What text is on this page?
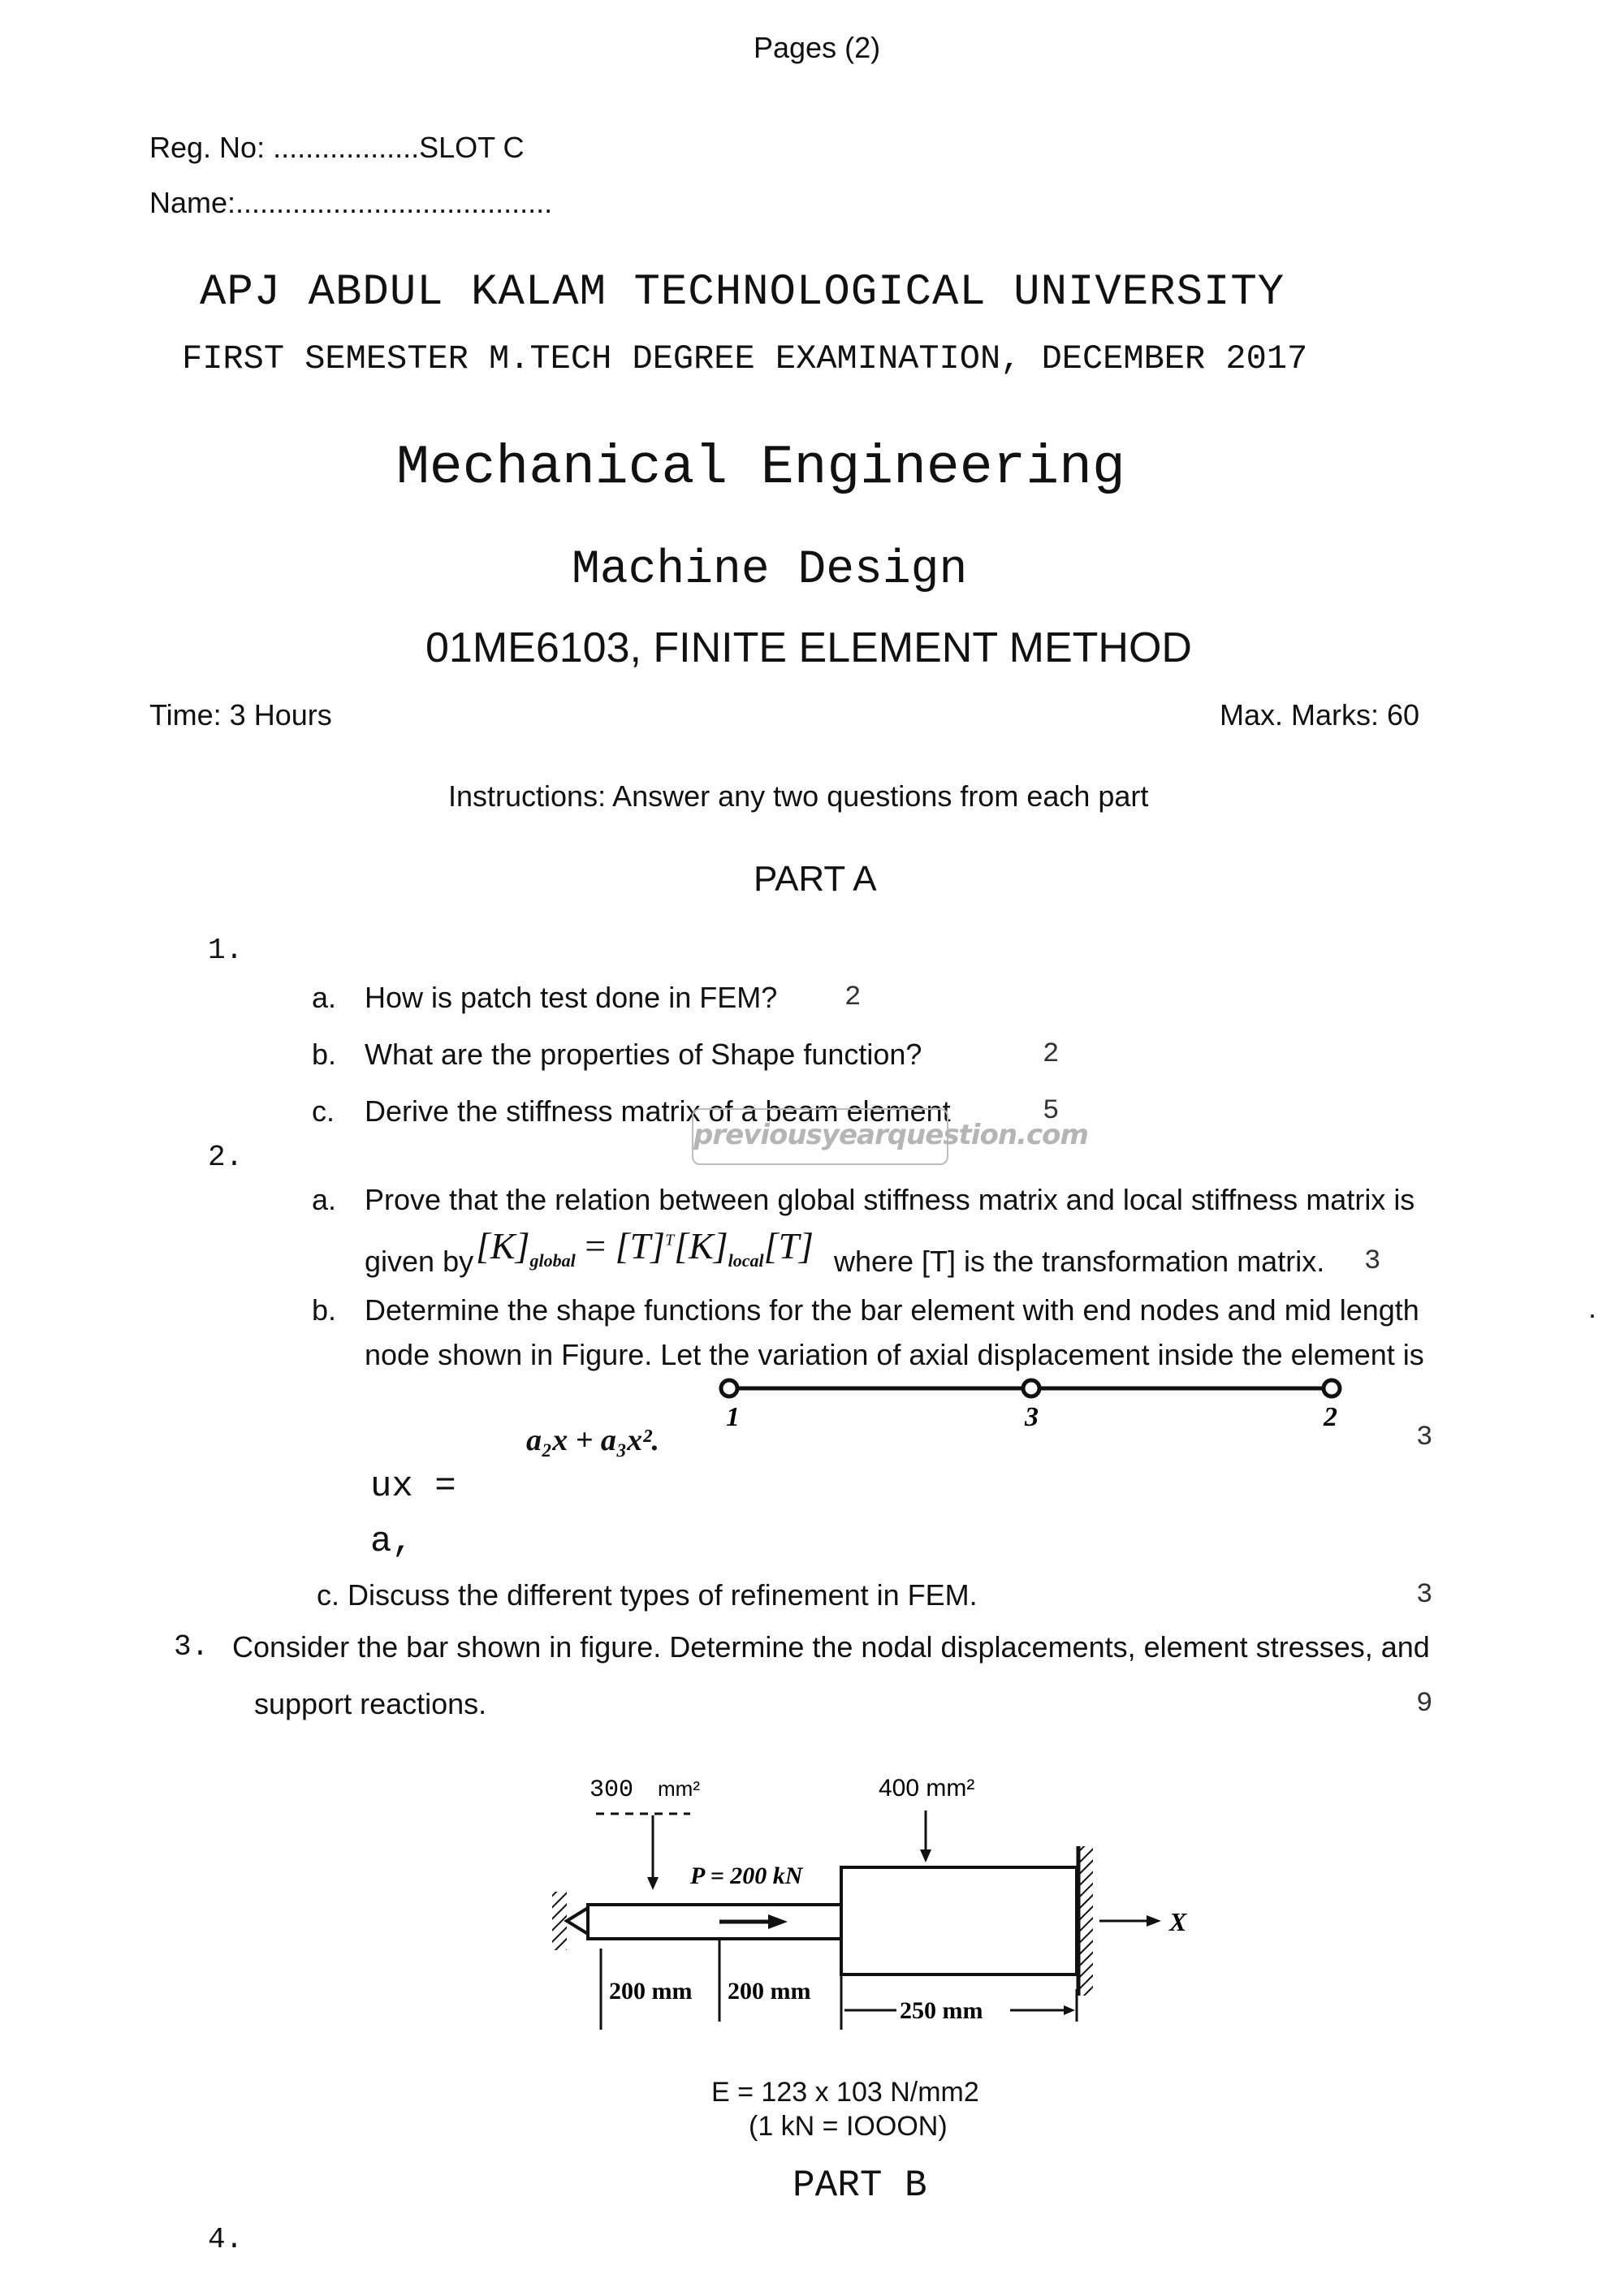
Pages (2)
Reg. No: ..................SLOT C
Name:.......................................
APJ ABDUL KALAM TECHNOLOGICAL UNIVERSITY
FIRST SEMESTER M.TECH DEGREE EXAMINATION, DECEMBER 2017
Mechanical Engineering
Machine Design
01ME6103, FINITE ELEMENT METHOD
Time: 3 Hours	Max. Marks: 60
Instructions: Answer any two questions from each part
PART A
1.
a. How is patch test done in FEM? 2
b. What are the properties of Shape function?	2
c. Derive the stiffness matrix of a beam element	5
previousyearquestion.com
2.
a. Prove that the relation between global stiffness matrix and local stiffness matrix is
given by $[K]_{global} = [T]^T[K]_{local}[T]$ where [T] is the transformation matrix. 3
b. Determine the shape functions for the bar element with end nodes and mid length
node shown in Figure. Let the variation of axial displacement inside the element is
.
1	3	2
a₂x + a₃x².	3
ux =
a,
c. Discuss the different types of refinement in FEM.	3
3. Consider the bar shown in figure. Determine the nodal displacements, element stresses, and
support reactions.	9
300 mm²	400 mm²
P = 200 kN
X
200 mm 200 mm
250 mm
E = 123 x 103 N/mm2
(1 kN = IOOON)
PART B
4.
